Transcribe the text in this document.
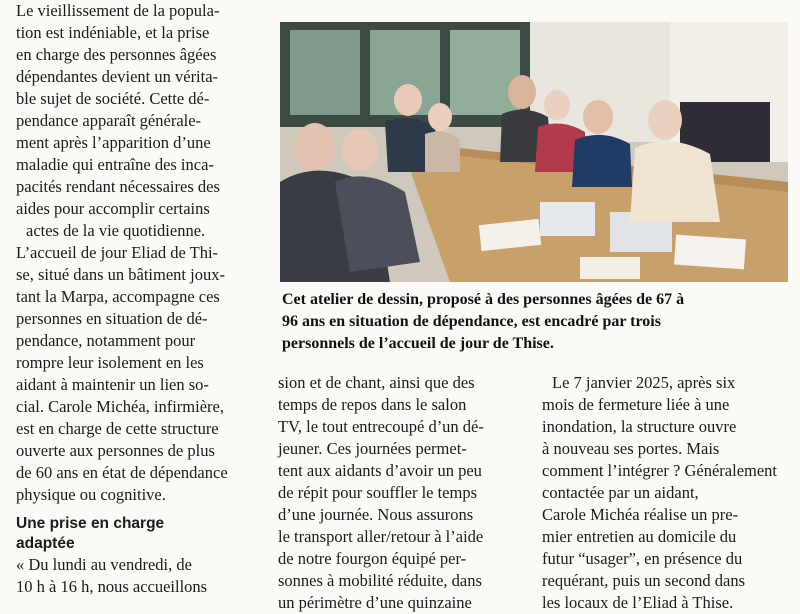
Le vieillissement de la popula-
tion est indéniable, et la prise
en charge des personnes âgées
dépendantes devient un vérita-
ble sujet de société. Cette dé-
pendance apparaît générale-
ment après l’apparition d’une
maladie qui entraîne des inca-
pacités rendant nécessaires des
aides pour accomplir certains
actes de la vie quotidienne.

L’accueil de jour Eliad de Thi-
se, situé dans un bâtiment joux-
tant la Marpa, accompagne ces
personnes en situation de dé-
pendance, notamment pour
rompre leur isolement en les
aidant à maintenir un lien so-
cial. Carole Michéa, infirmière,
est en charge de cette structure
ouverte aux personnes de plus
de 60 ans en état de dépendance
physique ou cognitive.

Une prise en charge
adaptée

« Du lundi au vendredi, de
10 h à 16 h, nous accueillons

Cet atelier de dessin, proposé à des personnes âgées de 67 à
96 ans en situation de dépendance, est encadré par trois
personnels de l’accueil de jour de Thise.
sion et de chant, ainsi que des
temps de repos dans le salon
TV, le tout entrecoupé d’un dé-
jeuner. Ces journées permet-
tent aux aidants d’avoir un peu
de répit pour souffler le temps
d’une journée. Nous assurons
le transport aller/retour à l’aide
de notre fourgon équipé per-
sonnes à mobilité réduite, dans
un périmètre d’une quinzaine
Le 7 janvier 2025, après six
mois de fermeture liée à une
inondation, la structure ouvre
à nouveau ses portes. Mais
comment l’intégrer ? Généralement
contactée par un aidant,
Carole Michéa réalise un pre-
mier entretien au domicile du
futur “usager”, en présence du
requérant, puis un second dans
les locaux de l’Eliad à Thise.
